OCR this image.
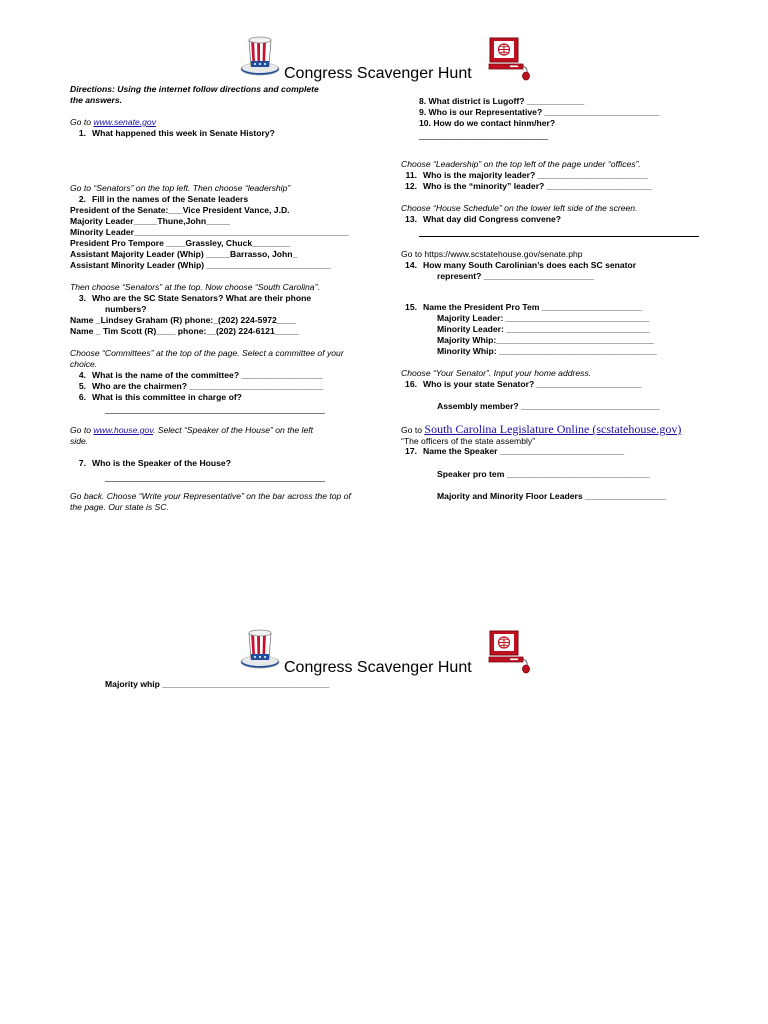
Congress Scavenger Hunt
Directions: Using the internet follow directions and complete
the answers.
Go to www.senate.gov
1. What happened this week in Senate History?
Go to “Senators” on the top left. Then choose “leadership”
2. Fill in the names of the Senate leaders
President of the Senate:___Vice President Vance, J.D.
Majority Leader_____Thune,John_____
Minority Leader_____________________________________________
President Pro Tempore ____Grassley, Chuck________
Assistant Majority Leader (Whip) _____Barrasso, John_
Assistant Minority Leader (Whip) __________________________
Then choose “Senators” at the top. Now choose “South Carolina”.
3. Who are the SC State Senators? What are their phone
numbers?
Name _Lindsey Graham (R) phone:_(202) 224-5972____
Name _ Tim Scott (R)____ phone:__(202) 224-6121_____
Choose “Committees” at the top of the page. Select a committee of your
choice.
4. What is the name of the committee? _________________
5. Who are the chairmen? ____________________________
6. What is this committee in charge of?
______________________________________________
Go to www.house.gov. Select “Speaker of the House” on the left
side.
7. Who is the Speaker of the House?
______________________________________________
Go back. Choose “Write your Representative” on the bar across the top of
the page. Our state is SC.
8. What district is Lugoff? ____________
9. Who is our Representative? ________________________
10. How do we contact hinm/her?
___________________________
Choose “Leadership” on the top left of the page under “offices”.
11. Who is the majority leader? _______________________
12. Who is the “minority” leader? ______________________
Choose “House Schedule” on the lower left side of the screen.
13. What day did Congress convene?
Go to https://www.scstatehouse.gov/senate.php
14. How many South Carolinian’s does each SC senator
represent? _______________________
15. Name the President Pro Tem _____________________
Majority Leader: ______________________________
Minority Leader: ______________________________
Majority Whip:_________________________________
Minority Whip: _________________________________
Choose “Your Senator”. Input your home address.
16. Who is your state Senator? ______________________
Assembly member? _____________________________
Go to South Carolina Legislature Online (scstatehouse.gov)
“The officers of the state assembly”
17. Name the Speaker __________________________
Speaker pro tem ______________________________
Majority and Minority Floor Leaders _________________
Congress Scavenger Hunt
Majority whip ___________________________________
